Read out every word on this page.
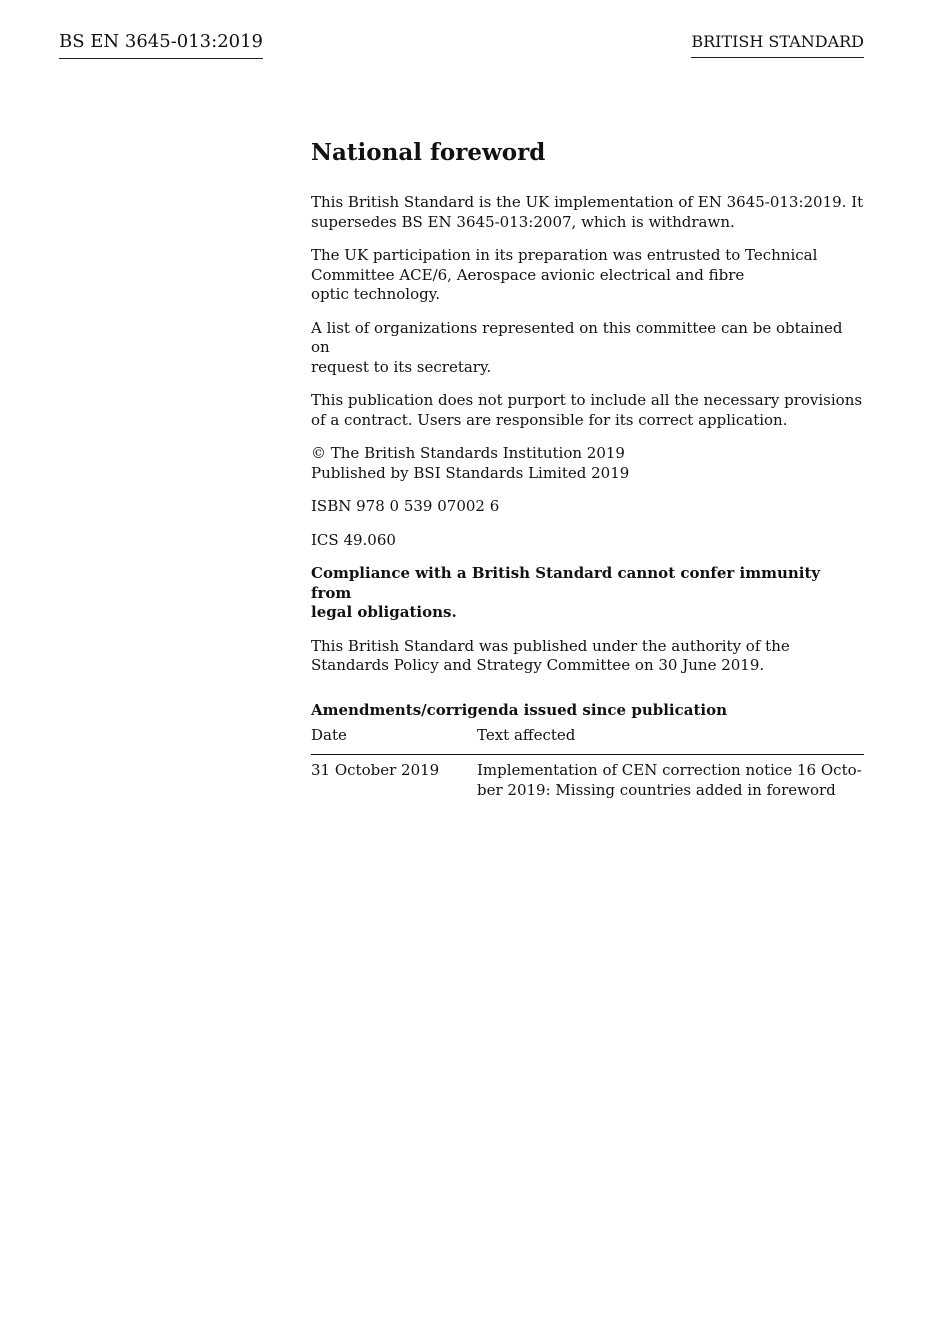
BS EN 3645-013:2019	BRITISH STANDARD
National foreword

This British Standard is the UK implementation of EN 3645-013:2019. It
supersedes BS EN 3645-013:2007, which is withdrawn.

The UK participation in its preparation was entrusted to Technical
Committee ACE/6, Aerospace avionic electrical and fibre
optic technology.

A list of organizations represented on this committee can be obtained on
request to its secretary.

This publication does not purport to include all the necessary provisions
of a contract. Users are responsible for its correct application.

© The British Standards Institution 2019
Published by BSI Standards Limited 2019

ISBN 978 0 539 07002 6

ICS 49.060

Compliance with a British Standard cannot confer immunity from
legal obligations.

This British Standard was published under the authority of the
Standards Policy and Strategy Committee on 30 June 2019.

Amendments/corrigenda issued since publication
Date	Text affected
31 October 2019	Implementation of CEN correction notice 16 Octo-
ber 2019: Missing countries added in foreword
